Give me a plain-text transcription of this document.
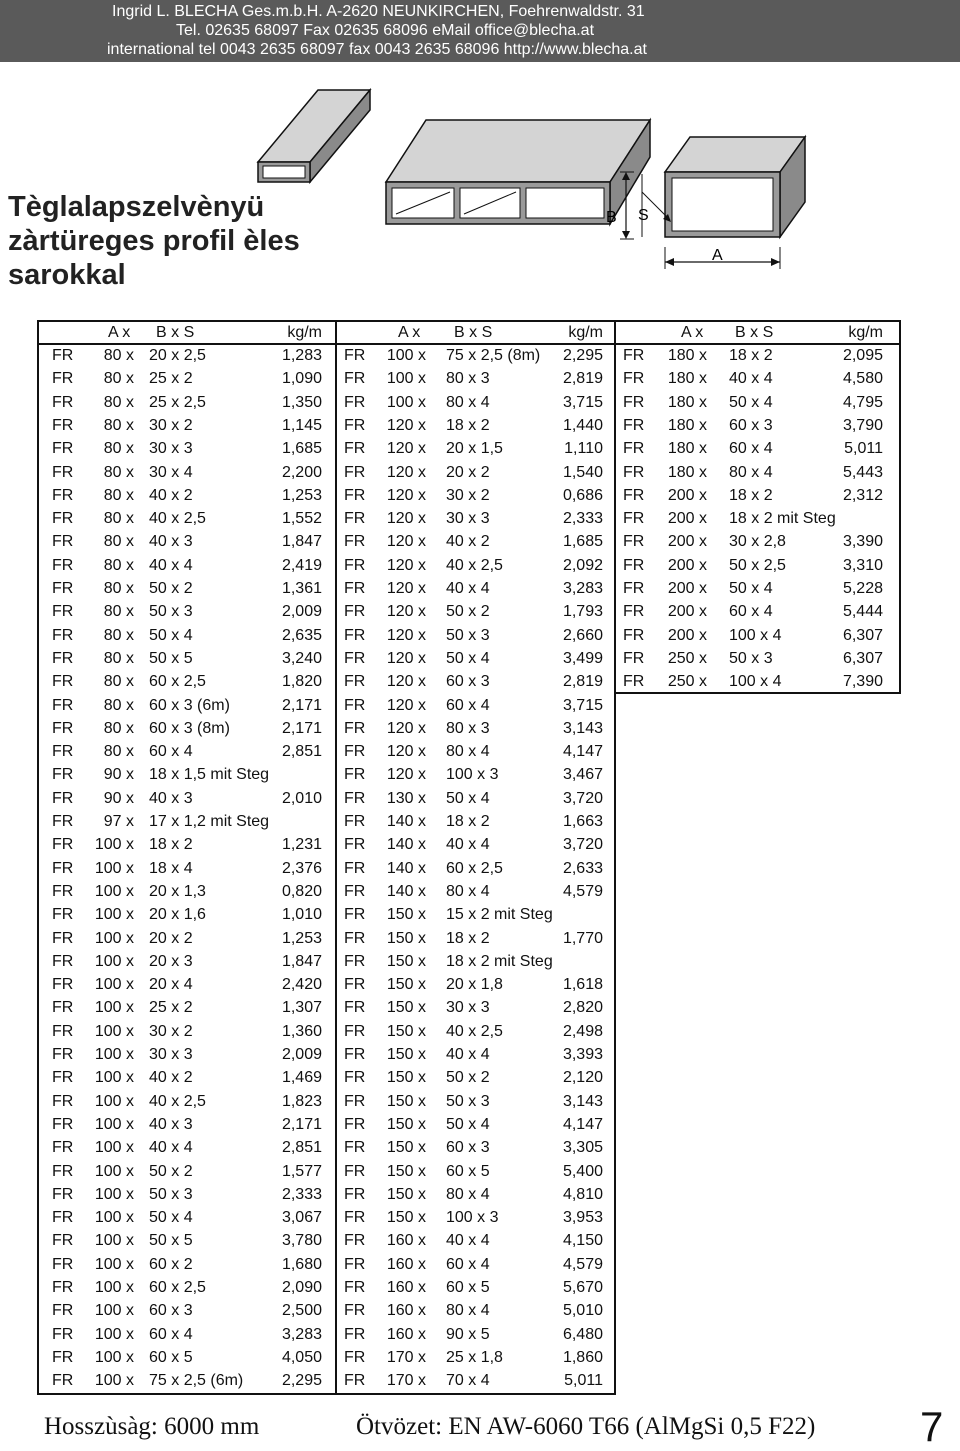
Ingrid L. BLECHA Ges.m.b.H. A-2620 NEUNKIRCHEN, Foehrenwaldstr. 31
Tel. 02635 68097 Fax 02635 68096 eMail office@blecha.at
international tel 0043 2635 68097 fax 0043 2635 68096 http://www.blecha.at
Tèglalapszelvènyü
zàrtüreges profil èles
sarokkal
B S
A
A x B x S	kg/m
FR 80 x 20 x 2,5	1,283
FR 80 x 25 x 2	1,090
FR 80 x 25 x 2,5	1,350
FR 80 x 30 x 2	1,145
FR 80 x 30 x 3	1,685
FR 80 x 30 x 4	2,200
FR 80 x 40 x 2	1,253
FR 80 x 40 x 2,5	1,552
FR 80 x 40 x 3	1,847
FR 80 x 40 x 4	2,419
FR 80 x 50 x 2	1,361
FR 80 x 50 x 3	2,009
FR 80 x 50 x 4	2,635
FR 80 x 50 x 5	3,240
FR 80 x 60 x 2,5	1,820
FR 80 x 60 x 3 (6m)	2,171
FR 80 x 60 x 3 (8m)	2,171
FR 80 x 60 x 4	2,851
FR 90 x 18 x 1,5 mit Steg
FR 90 x 40 x 3	2,010
FR 97 x 17 x 1,2 mit Steg
FR 100 x 18 x 2	1,231
FR 100 x 18 x 4	2,376
FR 100 x 20 x 1,3	0,820
FR 100 x 20 x 1,6	1,010
FR 100 x 20 x 2	1,253
FR 100 x 20 x 3	1,847
FR 100 x 20 x 4	2,420
FR 100 x 25 x 2	1,307
FR 100 x 30 x 2	1,360
FR 100 x 30 x 3	2,009
FR 100 x 40 x 2	1,469
FR 100 x 40 x 2,5	1,823
FR 100 x 40 x 3	2,171
FR 100 x 40 x 4	2,851
FR 100 x 50 x 2	1,577
FR 100 x 50 x 3	2,333
FR 100 x 50 x 4	3,067
FR 100 x 50 x 5	3,780
FR 100 x 60 x 2	1,680
FR 100 x 60 x 2,5	2,090
FR 100 x 60 x 3	2,500
FR 100 x 60 x 4	3,283
FR 100 x 60 x 5	4,050
FR 100 x 75 x 2,5 (6m) 2,295
A x B x S	kg/m
FR 100 x 75 x 2,5 (8m) 2,295
FR 100 x 80 x 3	2,819
FR 100 x 80 x 4	3,715
FR 120 x 18 x 2	1,440
FR 120 x 20 x 1,5	1,110
FR 120 x 20 x 2	1,540
FR 120 x 30 x 2	0,686
FR 120 x 30 x 3	2,333
FR 120 x 40 x 2	1,685
FR 120 x 40 x 2,5	2,092
FR 120 x 40 x 4	3,283
FR 120 x 50 x 2	1,793
FR 120 x 50 x 3	2,660
FR 120 x 50 x 4	3,499
FR 120 x 60 x 3	2,819
FR 120 x 60 x 4	3,715
FR 120 x 80 x 3	3,143
FR 120 x 80 x 4	4,147
FR 120 x 100 x 3	3,467
FR 130 x 50 x 4	3,720
FR 140 x 18 x 2	1,663
FR 140 x 40 x 4	3,720
FR 140 x 60 x 2,5	2,633
FR 140 x 80 x 4	4,579
FR 150 x 15 x 2 mit Steg
FR 150 x 18 x 2	1,770
FR 150 x 18 x 2 mit Steg
FR 150 x 20 x 1,8	1,618
FR 150 x 30 x 3	2,820
FR 150 x 40 x 2,5	2,498
FR 150 x 40 x 4	3,393
FR 150 x 50 x 2	2,120
FR 150 x 50 x 3	3,143
FR 150 x 50 x 4	4,147
FR 150 x 60 x 3	3,305
FR 150 x 60 x 5	5,400
FR 150 x 80 x 4	4,810
FR 150 x 100 x 3	3,953
FR 160 x 40 x 4	4,150
FR 160 x 60 x 4	4,579
FR 160 x 60 x 5	5,670
FR 160 x 80 x 4	5,010
FR 160 x 90 x 5	6,480
FR 170 x 25 x 1,8	1,860
FR 170 x 70 x 4	5,011
A x B x S	kg/m
FR 180 x 18 x 2	2,095
FR 180 x 40 x 4	4,580
FR 180 x 50 x 4	4,795
FR 180 x 60 x 3	3,790
FR 180 x 60 x 4	5,011
FR 180 x 80 x 4	5,443
FR 200 x 18 x 2	2,312
FR 200 x 18 x 2 mit Steg
FR 200 x 30 x 2,8	3,390
FR 200 x 50 x 2,5	3,310
FR 200 x 50 x 4	5,228
FR 200 x 60 x 4	5,444
FR 200 x 100 x 4	6,307
FR 250 x 50 x 3	6,307
FR 250 x 100 x 4	7,390
Hosszùsàg: 6000 mm	Ötvözet: EN AW-6060 T66 (AlMgSi 0,5 F22) 7
